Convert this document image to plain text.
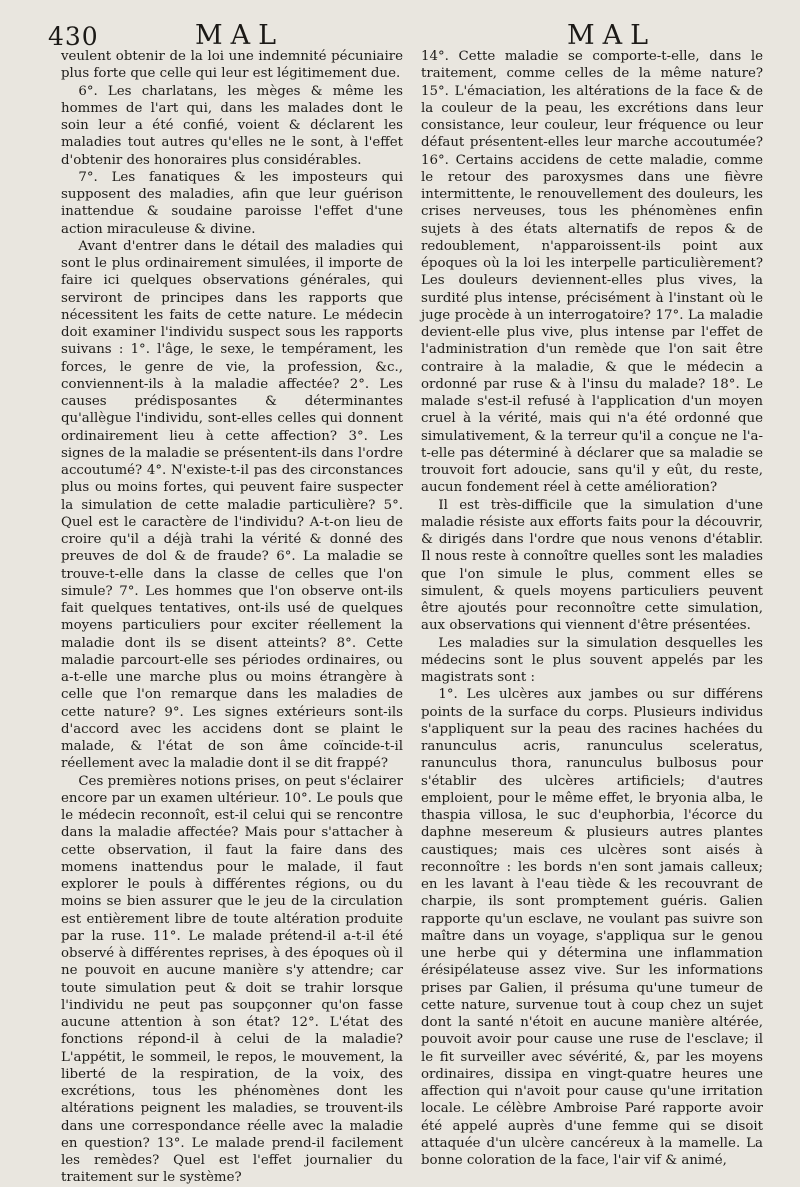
430	MAL	MAL

veulent obtenir de la loi une indemnité pécuniaire plus forte que celle qui leur est légitimement due.

6°. Les charlatans, les mèges & même les hommes de l'art qui, dans les malades dont le soin leur a été confié, voient & déclarent les maladies tout autres qu'elles ne le sont, à l'effet d'obtenir des honoraires plus considérables.

7°. Les fanatiques & les imposteurs qui supposent des maladies, afin que leur guérison inattendue & soudaine paroisse l'effet d'une action miraculeuse & divine.

Avant d'entrer dans le détail des maladies qui sont le plus ordinairement simulées, il importe de faire ici quelques observations générales, qui serviront de principes dans les rapports que nécessitent les faits de cette nature. Le médecin doit examiner l'individu suspect sous les rapports suivans : 1°. l'âge, le sexe, le tempérament, les forces, le genre de vie, la profession, &c., conviennent-ils à la maladie affectée? 2°. Les causes prédisposantes & déterminantes qu'allègue l'individu, sont-elles celles qui donnent ordinairement lieu à cette affection? 3°. Les signes de la maladie se présentent-ils dans l'ordre accoutumé? 4°. N'existe-t-il pas des circonstances plus ou moins fortes, qui peuvent faire suspecter la simulation de cette maladie particulière? 5°. Quel est le caractère de l'individu? A-t-on lieu de croire qu'il a déjà trahi la vérité & donné des preuves de dol & de fraude? 6°. La maladie se trouve-t-elle dans la classe de celles que l'on simule? 7°. Les hommes que l'on observe ont-ils fait quelques tentatives, ont-ils usé de quelques moyens particuliers pour exciter réellement la maladie dont ils se disent atteints? 8°. Cette maladie parcourt-elle ses périodes ordinaires, ou a-t-elle une marche plus ou moins étrangère à celle que l'on remarque dans les maladies de cette nature? 9°. Les signes extérieurs sont-ils d'accord avec les accidens dont se plaint le malade, & l'état de son âme coïncide-t-il réellement avec la maladie dont il se dit frappé?

Ces premières notions prises, on peut s'éclairer encore par un examen ultérieur. 10°. Le pouls que le médecin reconnoît, est-il celui qui se rencontre dans la maladie affectée? Mais pour s'attacher à cette observation, il faut la faire dans des momens inattendus pour le malade, il faut explorer le pouls à différentes régions, ou du moins se bien assurer que le jeu de la circulation est entièrement libre de toute altération produite par la ruse. 11°. Le malade prétend-il a-t-il été observé à différentes reprises, à des époques où il ne pouvoit en aucune manière s'y attendre; car toute simulation peut & doit se trahir lorsque l'individu ne peut pas soupçonner qu'on fasse aucune attention à son état? 12°. L'état des fonctions répond-il à celui de la maladie? L'appétit, le sommeil, le repos, le mouvement, la liberté de la respiration, de la voix, des excrétions, tous les phénomènes dont les altérations peignent les maladies, se trouvent-ils dans une correspondance réelle avec la maladie en question? 13°. Le malade prend-il facilement les remèdes? Quel est l'effet journalier du traitement sur le système?

14°. Cette maladie se comporte-t-elle, dans le traitement, comme celles de la même nature? 15°. L'émaciation, les altérations de la face & de la couleur de la peau, les excrétions dans leur consistance, leur couleur, leur fréquence ou leur défaut présentent-elles leur marche accoutumée? 16°. Certains accidens de cette maladie, comme le retour des paroxysmes dans une fièvre intermittente, le renouvellement des douleurs, les crises nerveuses, tous les phénomènes enfin sujets à des états alternatifs de repos & de redoublement, n'apparoissent-ils point aux époques où la loi les interpelle particulièrement? Les douleurs deviennent-elles plus vives, la surdité plus intense, précisément à l'instant où le juge procède à un interrogatoire? 17°. La maladie devient-elle plus vive, plus intense par l'effet de l'administration d'un remède que l'on sait être contraire à la maladie, & que le médecin a ordonné par ruse & à l'insu du malade? 18°. Le malade s'est-il refusé à l'application d'un moyen cruel à la vérité, mais qui n'a été ordonné que simulativement, & la terreur qu'il a conçue ne l'a-t-elle pas déterminé à déclarer que sa maladie se trouvoit fort adoucie, sans qu'il y eût, du reste, aucun fondement réel à cette amélioration?

Il est très-difficile que la simulation d'une maladie résiste aux efforts faits pour la découvrir, & dirigés dans l'ordre que nous venons d'établir. Il nous reste à connoître quelles sont les maladies que l'on simule le plus, comment elles se simulent, & quels moyens particuliers peuvent être ajoutés pour reconnoître cette simulation, aux observations qui viennent d'être présentées.

Les maladies sur la simulation desquelles les médecins sont le plus souvent appelés par les magistrats sont :

1°. Les ulcères aux jambes ou sur différens points de la surface du corps. Plusieurs individus s'appliquent sur la peau des racines hachées du ranunculus acris, ranunculus sceleratus, ranunculus thora, ranunculus bulbosus pour s'établir des ulcères artificiels; d'autres emploient, pour le même effet, le bryonia alba, le thaspia villosa, le suc d'euphorbia, l'écorce du daphne mesereum & plusieurs autres plantes caustiques; mais ces ulcères sont aisés à reconnoître : les bords n'en sont jamais calleux; en les lavant à l'eau tiède & les recouvrant de charpie, ils sont promptement guéris. Galien rapporte qu'un esclave, ne voulant pas suivre son maître dans un voyage, s'appliqua sur le genou une herbe qui y détermina une inflammation érésipélateuse assez vive. Sur les informations prises par Galien, il présuma qu'une tumeur de cette nature, survenue tout à coup chez un sujet dont la santé n'étoit en aucune manière altérée, pouvoit avoir pour cause une ruse de l'esclave; il le fit surveiller avec sévérité, &, par les moyens ordinaires, dissipa en vingt-quatre heures une affection qui n'avoit pour cause qu'une irritation locale. Le célèbre Ambroise Paré rapporte avoir été appelé auprès d'une femme qui se disoit attaquée d'un ulcère cancéreux à la mamelle. La bonne coloration de la face, l'air vif & animé,
